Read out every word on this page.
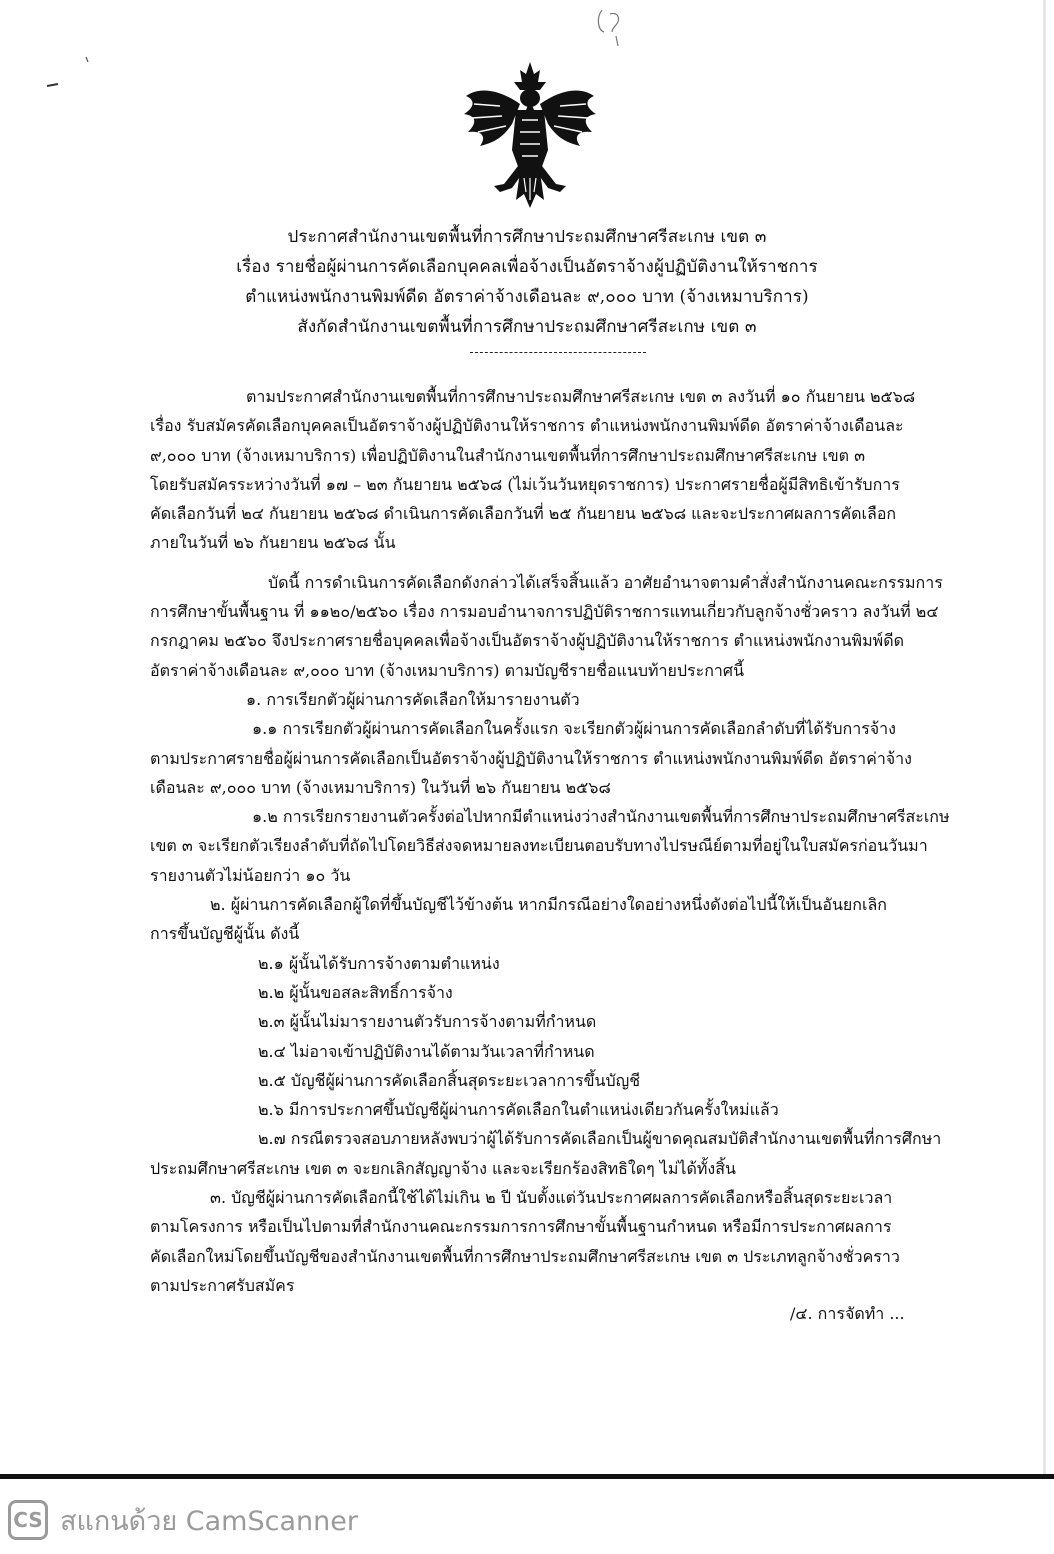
ประกาศสำนักงานเขตพื้นที่การศึกษาประถมศึกษาศรีสะเกษ เขต ๓
เรื่อง รายชื่อผู้ผ่านการคัดเลือกบุคคลเพื่อจ้างเป็นอัตราจ้างผู้ปฏิบัติงานให้ราชการ
ตำแหน่งพนักงานพิมพ์ดีด อัตราค่าจ้างเดือนละ ๙,๐๐๐ บาท (จ้างเหมาบริการ)
สังกัดสำนักงานเขตพื้นที่การศึกษาประถมศึกษาศรีสะเกษ เขต ๓
ตามประกาศสำนักงานเขตพื้นที่การศึกษาประถมศึกษาศรีสะเกษ เขต ๓ ลงวันที่ ๑๐ กันยายน ๒๕๖๘
เรื่อง รับสมัครคัดเลือกบุคคลเป็นอัตราจ้างผู้ปฏิบัติงานให้ราชการ ตำแหน่งพนักงานพิมพ์ดีด อัตราค่าจ้างเดือนละ
๙,๐๐๐ บาท (จ้างเหมาบริการ) เพื่อปฏิบัติงานในสำนักงานเขตพื้นที่การศึกษาประถมศึกษาศรีสะเกษ เขต ๓
โดยรับสมัครระหว่างวันที่ ๑๗ – ๒๓ กันยายน ๒๕๖๘ (ไม่เว้นวันหยุดราชการ) ประกาศรายชื่อผู้มีสิทธิเข้ารับการ
คัดเลือกวันที่ ๒๔ กันยายน ๒๕๖๘ ดำเนินการคัดเลือกวันที่ ๒๕ กันยายน ๒๕๖๘ และจะประกาศผลการคัดเลือก
ภายในวันที่ ๒๖ กันยายน ๒๕๖๘ นั้น
บัดนี้ การดำเนินการคัดเลือกดังกล่าวได้เสร็จสิ้นแล้ว อาศัยอำนาจตามคำสั่งสำนักงานคณะกรรมการ
การศึกษาขั้นพื้นฐาน ที่ ๑๑๒๐/๒๕๖๐ เรื่อง การมอบอำนาจการปฏิบัติราชการแทนเกี่ยวกับลูกจ้างชั่วคราว ลงวันที่ ๒๔
กรกฎาคม ๒๕๖๐ จึงประกาศรายชื่อบุคคลเพื่อจ้างเป็นอัตราจ้างผู้ปฏิบัติงานให้ราชการ ตำแหน่งพนักงานพิมพ์ดีด
อัตราค่าจ้างเดือนละ ๙,๐๐๐ บาท (จ้างเหมาบริการ) ตามบัญชีรายชื่อแนบท้ายประกาศนี้
๑. การเรียกตัวผู้ผ่านการคัดเลือกให้มารายงานตัว
๑.๑ การเรียกตัวผู้ผ่านการคัดเลือกในครั้งแรก จะเรียกตัวผู้ผ่านการคัดเลือกลำดับที่ได้รับการจ้าง
ตามประกาศรายชื่อผู้ผ่านการคัดเลือกเป็นอัตราจ้างผู้ปฏิบัติงานให้ราชการ ตำแหน่งพนักงานพิมพ์ดีด อัตราค่าจ้าง
เดือนละ ๙,๐๐๐ บาท (จ้างเหมาบริการ) ในวันที่ ๒๖ กันยายน ๒๕๖๘
๑.๒ การเรียกรายงานตัวครั้งต่อไปหากมีตำแหน่งว่างสำนักงานเขตพื้นที่การศึกษาประถมศึกษาศรีสะเกษ
เขต ๓ จะเรียกตัวเรียงลำดับที่ถัดไปโดยวิธีส่งจดหมายลงทะเบียนตอบรับทางไปรษณีย์ตามที่อยู่ในใบสมัครก่อนวันมา
รายงานตัวไม่น้อยกว่า ๑๐ วัน
๒. ผู้ผ่านการคัดเลือกผู้ใดที่ขึ้นบัญชีไว้ข้างต้น หากมีกรณีอย่างใดอย่างหนึ่งดังต่อไปนี้ให้เป็นอันยกเลิก
การขึ้นบัญชีผู้นั้น ดังนี้
๒.๑ ผู้นั้นได้รับการจ้างตามตำแหน่ง
๒.๒ ผู้นั้นขอสละสิทธิ์การจ้าง
๒.๓ ผู้นั้นไม่มารายงานตัวรับการจ้างตามที่กำหนด
๒.๔ ไม่อาจเข้าปฏิบัติงานได้ตามวันเวลาที่กำหนด
๒.๕ บัญชีผู้ผ่านการคัดเลือกสิ้นสุดระยะเวลาการขึ้นบัญชี
๒.๖ มีการประกาศขึ้นบัญชีผู้ผ่านการคัดเลือกในตำแหน่งเดียวกันครั้งใหม่แล้ว
๒.๗ กรณีตรวจสอบภายหลังพบว่าผู้ได้รับการคัดเลือกเป็นผู้ขาดคุณสมบัติสำนักงานเขตพื้นที่การศึกษา
ประถมศึกษาศรีสะเกษ เขต ๓ จะยกเลิกสัญญาจ้าง และจะเรียกร้องสิทธิใดๆ ไม่ได้ทั้งสิ้น
๓. บัญชีผู้ผ่านการคัดเลือกนี้ใช้ได้ไม่เกิน ๒ ปี นับตั้งแต่วันประกาศผลการคัดเลือกหรือสิ้นสุดระยะเวลา
ตามโครงการ หรือเป็นไปตามที่สำนักงานคณะกรรมการการศึกษาขั้นพื้นฐานกำหนด หรือมีการประกาศผลการ
คัดเลือกใหม่โดยขึ้นบัญชีของสำนักงานเขตพื้นที่การศึกษาประถมศึกษาศรีสะเกษ เขต ๓ ประเภทลูกจ้างชั่วคราว
ตามประกาศรับสมัคร
/๔. การจัดทำ ...
CS สแกนด้วย CamScanner
